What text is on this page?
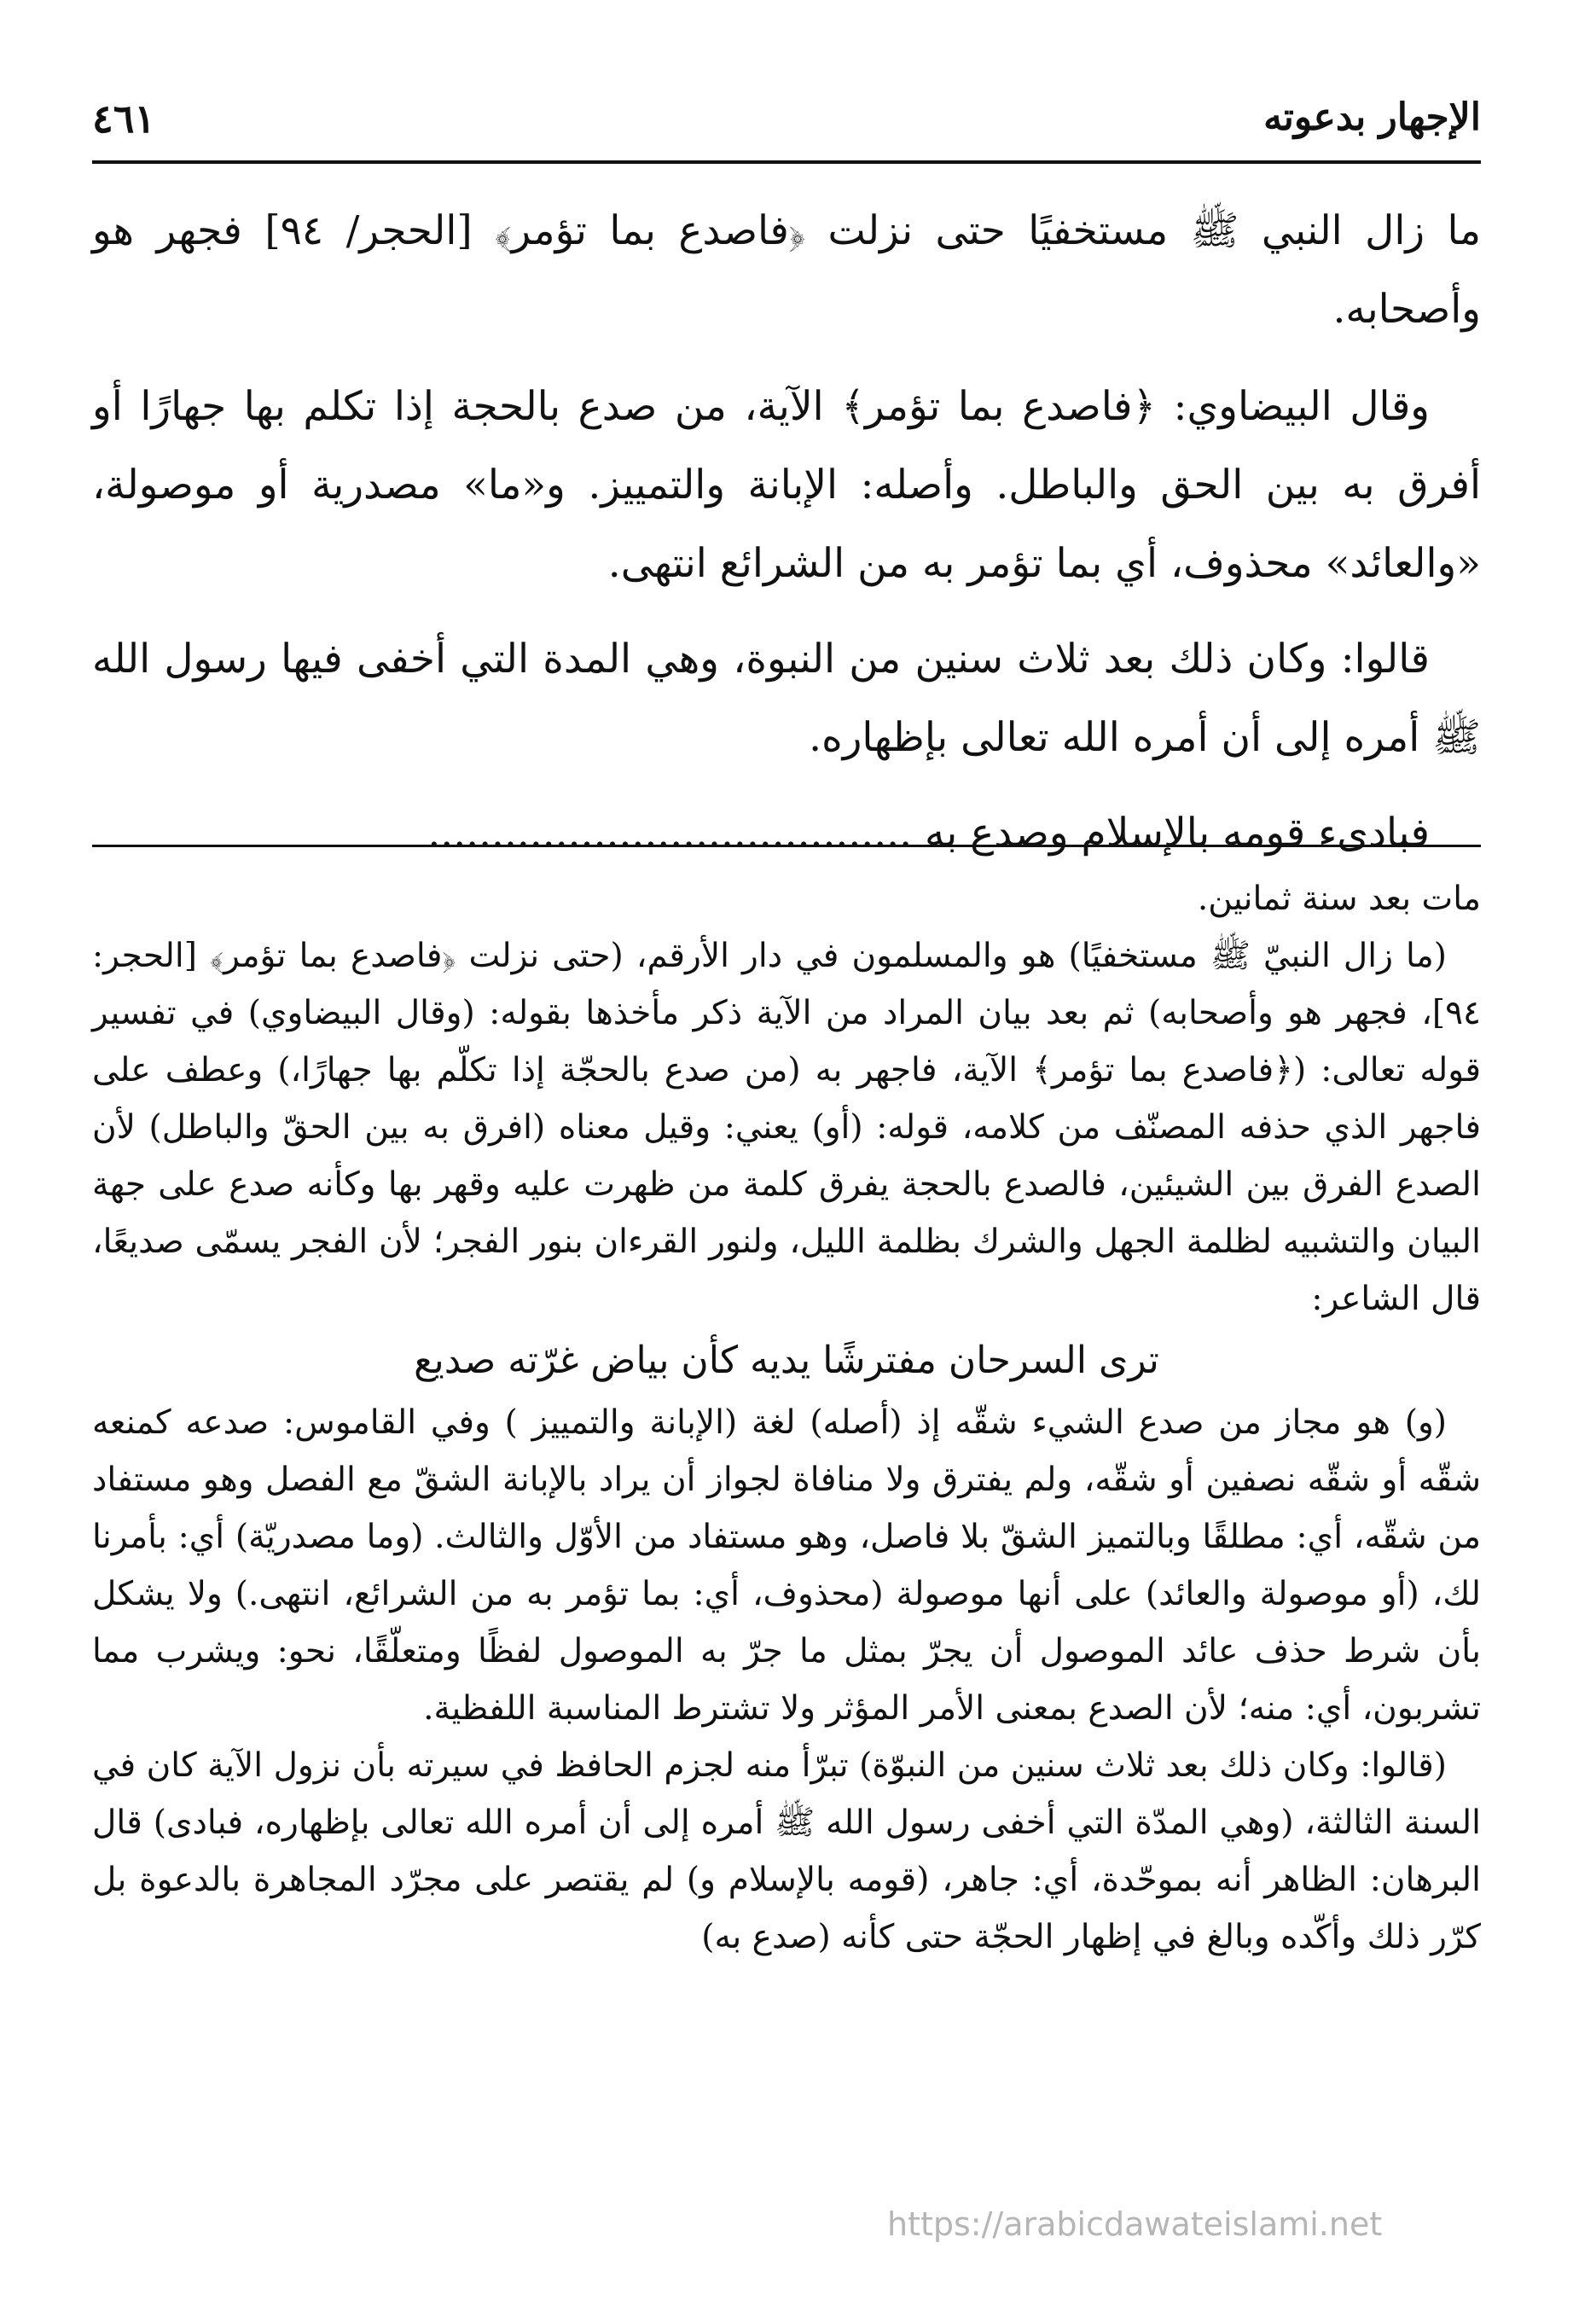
الإجهار بدعوته
٤٦١

ما زال النبي ﷺ مستخفيًا حتى نزلت ﴿فاصدع بما تؤمر﴾ [الحجر/ ٩٤] فجهر هو وأصحابه.

وقال البيضاوي: ﴿فاصدع بما تؤمر﴾ الآية، من صدع بالحجة إذا تكلم بها جهارًا أو أفرق به بين الحق والباطل. وأصله: الإبانة والتمييز. و«ما» مصدرية أو موصولة، «والعائد» محذوف، أي بما تؤمر به من الشرائع انتهى.

قالوا: وكان ذلك بعد ثلاث سنين من النبوة، وهي المدة التي أخفى فيها رسول الله ﷺ أمره إلى أن أمره الله تعالى بإظهاره.

فبادىء قومه بالإسلام وصدع به ......................................

مات بعد سنة ثمانين.

(ما زال النبيّ ﷺ مستخفيًا) هو والمسلمون في دار الأرقم، (حتى نزلت ﴿فاصدع بما تؤمر﴾ [الحجر: ٩٤]، فجهر هو وأصحابه) ثم بعد بيان المراد من الآية ذكر مأخذها بقوله: (وقال البيضاوي) في تفسير قوله تعالى: (﴿فاصدع بما تؤمر﴾ الآية، فاجهر به (من صدع بالحجّة إذا تكلّم بها جهارًا،) وعطف على فاجهر الذي حذفه المصنّف من كلامه، قوله: (أو) يعني: وقيل معناه (افرق به بين الحقّ والباطل) لأن الصدع الفرق بين الشيئين، فالصدع بالحجة يفرق كلمة من ظهرت عليه وقهر بها وكأنه صدع على جهة البيان والتشبيه لظلمة الجهل والشرك بظلمة الليل، ولنور القرءان بنور الفجر؛ لأن الفجر يسمّى صديعًا، قال الشاعر:

ترى السرحان مفترشًا يديه كأن بياض غرّته صديع

(و) هو مجاز من صدع الشيء شقّه إذ (أصله) لغة (الإبانة والتمييز ) وفي القاموس: صدعه كمنعه شقّه أو شقّه نصفين أو شقّه، ولم يفترق ولا منافاة لجواز أن يراد بالإبانة الشقّ مع الفصل وهو مستفاد من شقّه، أي: مطلقًا وبالتميز الشقّ بلا فاصل، وهو مستفاد من الأوّل والثالث. (وما مصدريّة) أي: بأمرنا لك، (أو موصولة والعائد) على أنها موصولة (محذوف، أي: بما تؤمر به من الشرائع، انتهى.) ولا يشكل بأن شرط حذف عائد الموصول أن يجرّ بمثل ما جرّ به الموصول لفظًا ومتعلّقًا، نحو: ويشرب مما تشربون، أي: منه؛ لأن الصدع بمعنى الأمر المؤثر ولا تشترط المناسبة اللفظية.

(قالوا: وكان ذلك بعد ثلاث سنين من النبوّة) تبرّأ منه لجزم الحافظ في سيرته بأن نزول الآية كان في السنة الثالثة، (وهي المدّة التي أخفى رسول الله ﷺ أمره إلى أن أمره الله تعالى بإظهاره، فبادى) قال البرهان: الظاهر أنه بموحّدة، أي: جاهر، (قومه بالإسلام و) لم يقتصر على مجرّد المجاهرة بالدعوة بل كرّر ذلك وأكّده وبالغ في إظهار الحجّة حتى كأنه (صدع به)

https://arabicdawateislami.net
